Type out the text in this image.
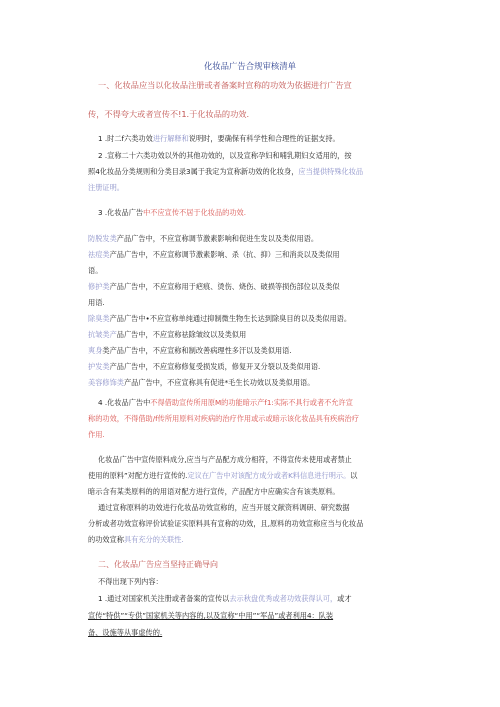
化妆品广告合规审核清单
一、化妆品应当以化妆品注册或者备案时宣称的功效为依据进行广告宣
传，不得夸大或者宣传不!1.于化妆品的功效.
1 .时二f六类功效进行解释和说明时，要确保有科学性和合理性的证据支持。
2 .宣称二十六类功效以外的其他功效的，以及宣称孕妇和哺乳期妇女适用的，按
照4化妆品分类规则和分类目录3属于我定为宣称新功效的化妆身，应当提供特殊化妆品
注册证明。
3 .化妆品广告中不应宣传不居于化妆品的功效.
防脱发类产品广告中，不应宣称调节激素影响和促进生发以及类似用语。
祛痘类产品广告中，不应宣称调节激素影响、杀（抗、抑）三和消炎以及类似用
语。
修护类产品广告中，不应宣称用于疤痕、烫伤、烧伤、破损等损伤部位以及类似
用语.
除臭类产品广告中•不应宣称单纯通过抑制微生物生长达到除臭目的以及类似用语。
抗皱类产品广告中，不应宣称祛除皱纹以及类似用
爽身类产品广告中，不应宣称和制改善病理性多汗以及类似用语.
护发类产品广告中，不应宣称修复受损发质，修复开叉分裂以及类似用语.
美容修饰类产品广告中，不应宣称具有促进*毛生长功效以及类似用语。
4 .化妆品广告中不得借助宣传所用原M的功能暗示产f1:实际不具行或者不允许宣
称的功效，不得借助/f传所用原料对疾病的治疗作用或示或暗示该化妆品具有疾病治疗
作用.
化妆品广告中宣传原料成分,应当与产品配方成分相符，不得宣传未使用或者禁止
使用的原料”对配方进行宣传的.定议在广告中对该配方成分或者K料信息进行明示。以
暗示含有某类原料的的用语对配方进行宣传，产品配方中应确实含有该类原料。
通过宣称原料的功效进行化妆品功效宣称的，应当开展文献资料调研、研究数据
分析或者功效宣称评价试验证实原料具有宣称的功效，且,原料的功效宣称应当与化妆品
的功效宣称具有充分的关联性.
二、化妆品广告应当坚持正确导向
不得出现下列内容：
1 .通过对国家机关注册或者备案的宣传以去示秋盘优秀或者功效获得认可，或才
宣传“特供”“专供”国家机关等内容的,以及宣称“中用”“军品”或者利用4：队装
备、设施等从事虚传的.
